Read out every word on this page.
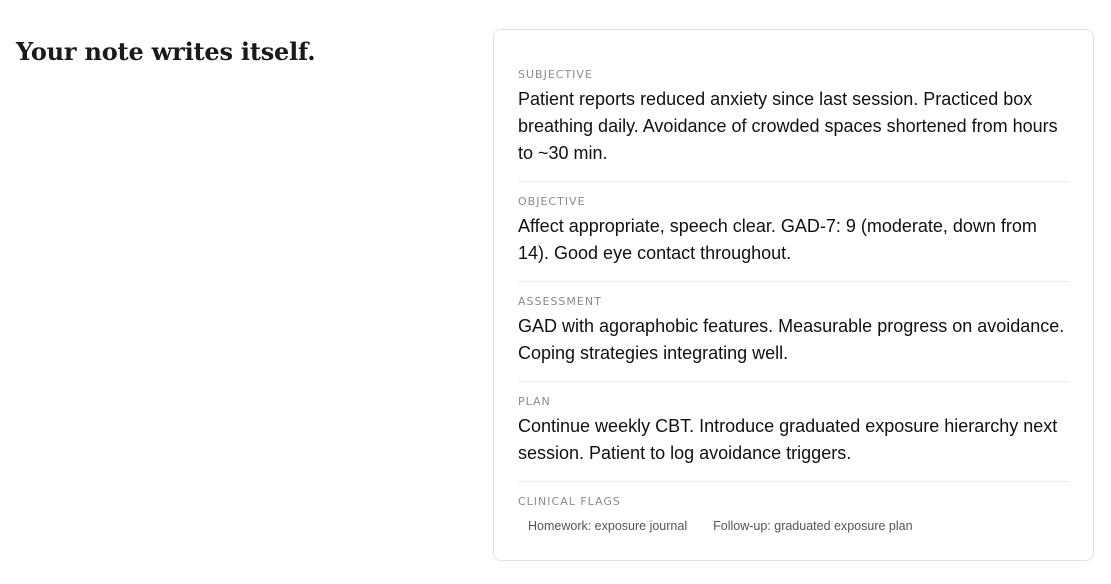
Your note writes itself.
SUBJECTIVE

Patient reports reduced anxiety since last session. Practiced box breathing daily. Avoidance of crowded spaces shortened from hours to ~30 min.

OBJECTIVE

Affect appropriate, speech clear. GAD-7: 9 (moderate, down from 14). Good eye contact throughout.

ASSESSMENT

GAD with agoraphobic features. Measurable progress on avoidance. Coping strategies integrating well.

PLAN

Continue weekly CBT. Introduce graduated exposure hierarchy next session. Patient to log avoidance triggers.

CLINICAL FLAGS
Homework: exposure journal Follow-up: graduated exposure plan
